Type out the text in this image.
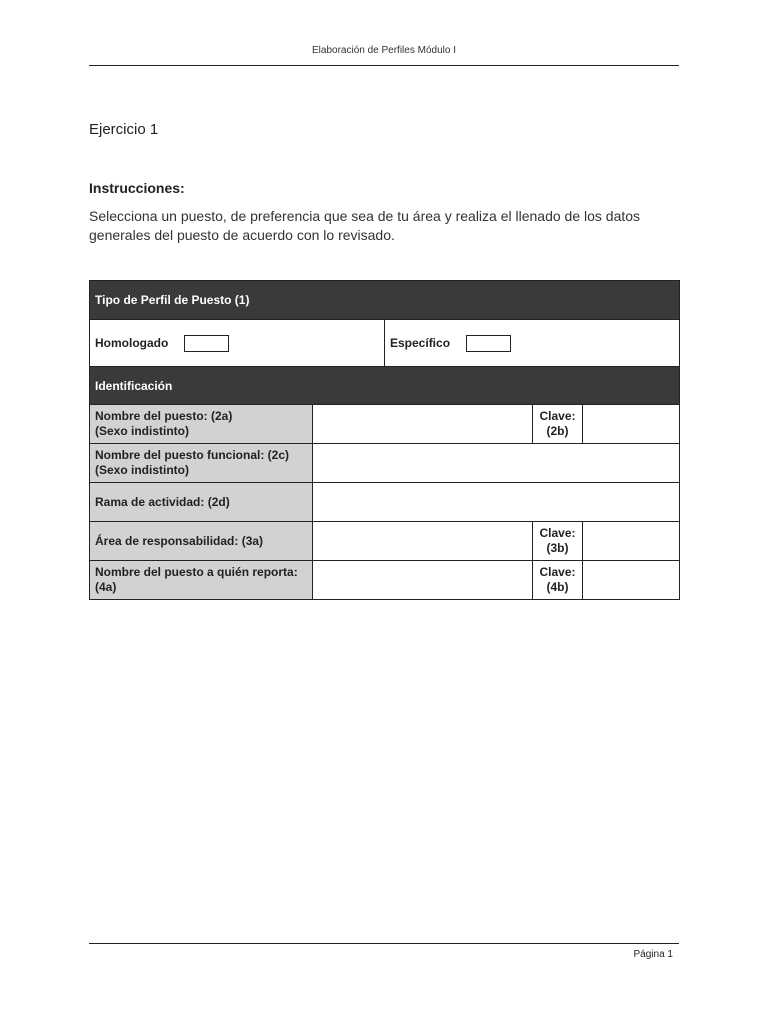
Elaboración de Perfiles Módulo I
Ejercicio 1
Instrucciones:
Selecciona un puesto, de preferencia que sea de tu área y realiza el llenado de los datos generales del puesto de acuerdo con lo revisado.
Tipo de Perfil de Puesto (1)
Homologado	Específico
Identificación
Nombre del puesto: (2a)
(Sexo indistinto)
Clave:
(2b)
Nombre del puesto funcional: (2c)
(Sexo indistinto)
Rama de actividad: (2d)
Área de responsabilidad: (3a)
Clave:
(3b)
Nombre del puesto a quién reporta:
(4a)
Clave:
(4b)
Página 1
